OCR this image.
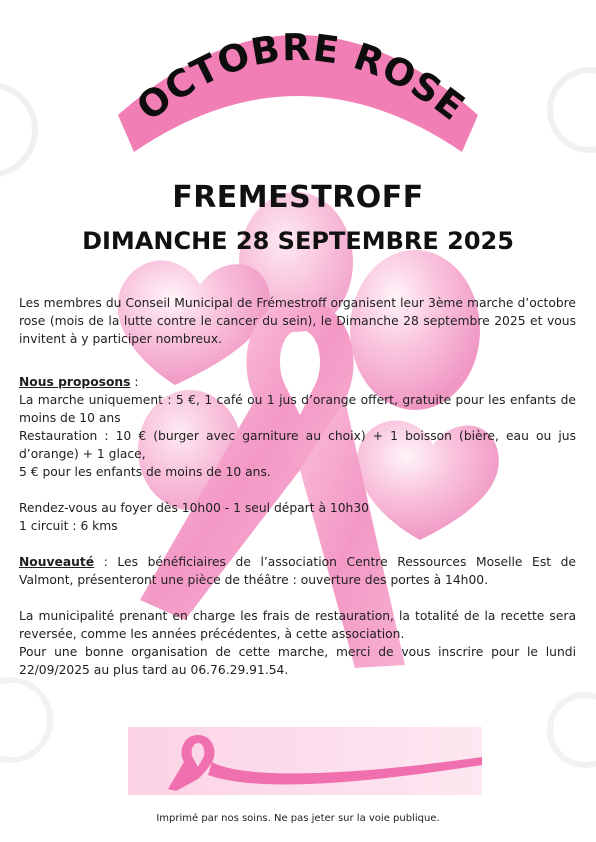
OCTOBRE ROSE
FREMESTROFF
DIMANCHE 28 SEPTEMBRE 2025

Les membres du Conseil Municipal de Frémestroff organisent leur 3ème marche d’octobre rose (mois de la lutte contre le cancer du sein), le Dimanche 28 septembre 2025 et vous invitent à y participer nombreux.

Nous proposons :

La marche uniquement : 5 €, 1 café ou 1 jus d’orange offert, gratuite pour les enfants de moins de 10 ans

Restauration : 10 € (burger avec garniture au choix) + 1 boisson (bière, eau ou jus d’orange) + 1 glace,

5 € pour les enfants de moins de 10 ans.

Rendez-vous au foyer dès 10h00 - 1 seul départ à 10h30

1 circuit : 6 kms

Nouveauté : Les bénéficiaires de l’association Centre Ressources Moselle Est de Valmont, présenteront une pièce de théâtre : ouverture des portes à 14h00.

La municipalité prenant en charge les frais de restauration, la totalité de la recette sera reversée, comme les années précédentes, à cette association.

Pour une bonne organisation de cette marche, merci de vous inscrire pour le lundi 22/09/2025 au plus tard au 06.76.29.91.54.

Imprimé par nos soins. Ne pas jeter sur la voie publique.
